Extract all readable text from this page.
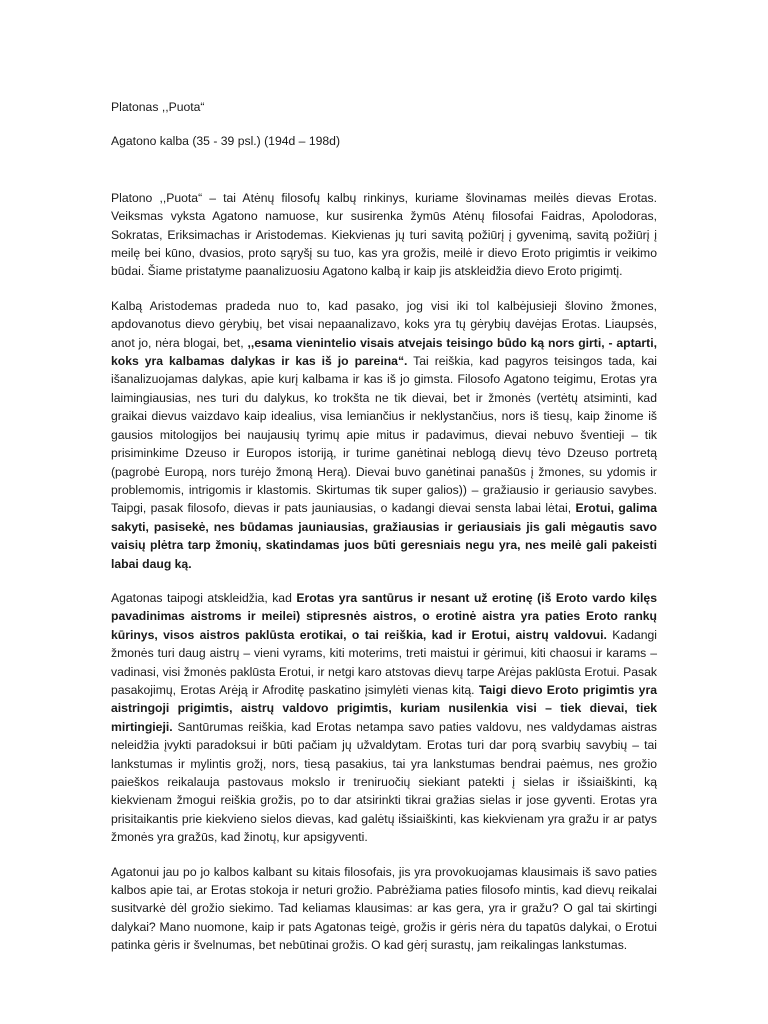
Platonas ,,Puota“

Agatono kalba (35 - 39 psl.) (194d – 198d)

Platono ,,Puota“ – tai Atėnų filosofų kalbų rinkinys, kuriame šlovinamas meilės dievas Erotas. Veiksmas vyksta Agatono namuose, kur susirenka žymūs Atėnų filosofai Faidras, Apolodoras, Sokratas, Eriksimachas ir Aristodemas. Kiekvienas jų turi savitą požiūrį į gyvenimą, savitą požiūrį į meilę bei kūno, dvasios, proto sąryšį su tuo, kas yra grožis, meilė ir dievo Eroto prigimtis ir veikimo būdai. Šiame pristatyme paanalizuosiu Agatono kalbą ir kaip jis atskleidžia dievo Eroto prigimtį.

Kalbą Aristodemas pradeda nuo to, kad pasako, jog visi iki tol kalbėjusieji šlovino žmones, apdovanotus dievo gėrybių, bet visai nepaanalizavo, koks yra tų gėrybių davėjas Erotas. Liaupsės, anot jo, nėra blogai, bet, ,,esama vienintelio visais atvejais teisingo būdo ką nors girti, - aptarti, koks yra kalbamas dalykas ir kas iš jo pareina“. Tai reiškia, kad pagyros teisingos tada, kai išanalizuojamas dalykas, apie kurį kalbama ir kas iš jo gimsta. Filosofo Agatono teigimu, Erotas yra laimingiausias, nes turi du dalykus, ko trokšta ne tik dievai, bet ir žmonės (vertėtų atsiminti, kad graikai dievus vaizdavo kaip idealius, visa lemiančius ir neklystančius, nors iš tiesų, kaip žinome iš gausios mitologijos bei naujausių tyrimų apie mitus ir padavimus, dievai nebuvo šventieji – tik prisiminkime Dzeuso ir Europos istoriją, ir turime ganėtinai neblogą dievų tėvo Dzeuso portretą (pagrobė Europą, nors turėjo žmoną Herą). Dievai buvo ganėtinai panašūs į žmones, su ydomis ir problemomis, intrigomis ir klastomis. Skirtumas tik super galios)) – gražiausio ir geriausio savybes. Taipgi, pasak filosofo, dievas ir pats jauniausias, o kadangi dievai sensta labai lėtai, Erotui, galima sakyti, pasisekė, nes būdamas jauniausias, gražiausias ir geriausiais jis gali mėgautis savo vaisių plėtra tarp žmonių, skatindamas juos būti geresniais negu yra, nes meilė gali pakeisti labai daug ką.

Agatonas taipogi atskleidžia, kad Erotas yra santūrus ir nesant už erotinę (iš Eroto vardo kilęs pavadinimas aistroms ir meilei) stipresnės aistros, o erotinė aistra yra paties Eroto rankų kūrinys, visos aistros paklūsta erotikai, o tai reiškia, kad ir Erotui, aistrų valdovui. Kadangi žmonės turi daug aistrų – vieni vyrams, kiti moterims, treti maistui ir gėrimui, kiti chaosui ir karams – vadinasi, visi žmonės paklūsta Erotui, ir netgi karo atstovas dievų tarpe Arėjas paklūsta Erotui. Pasak pasakojimų, Erotas Arėją ir Afroditę paskatino įsimylėti vienas kitą. Taigi dievo Eroto prigimtis yra aistringoji prigimtis, aistrų valdovo prigimtis, kuriam nusilenkia visi – tiek dievai, tiek mirtingieji. Santūrumas reiškia, kad Erotas netampa savo paties valdovu, nes valdydamas aistras neleidžia įvykti paradoksui ir būti pačiam jų užvaldytam. Erotas turi dar porą svarbių savybių – tai lankstumas ir mylintis grožį, nors, tiesą pasakius, tai yra lankstumas bendrai paėmus, nes grožio paieškos reikalauja pastovaus mokslo ir treniruočių siekiant patekti į sielas ir išsiaiškinti, ką kiekvienam žmogui reiškia grožis, po to dar atsirinkti tikrai gražias sielas ir jose gyventi. Erotas yra prisitaikantis prie kiekvieno sielos dievas, kad galėtų išsiaiškinti, kas kiekvienam yra gražu ir ar patys žmonės yra gražūs, kad žinotų, kur apsigyventi.

Agatonui jau po jo kalbos kalbant su kitais filosofais, jis yra provokuojamas klausimais iš savo paties kalbos apie tai, ar Erotas stokoja ir neturi grožio. Pabrėžiama paties filosofo mintis, kad dievų reikalai susitvarkė dėl grožio siekimo. Tad keliamas klausimas: ar kas gera, yra ir gražu? O gal tai skirtingi dalykai? Mano nuomone, kaip ir pats Agatonas teigė, grožis ir gėris nėra du tapatūs dalykai, o Erotui patinka gėris ir švelnumas, bet nebūtinai grožis. O kad gėrį surastų, jam reikalingas lankstumas.
